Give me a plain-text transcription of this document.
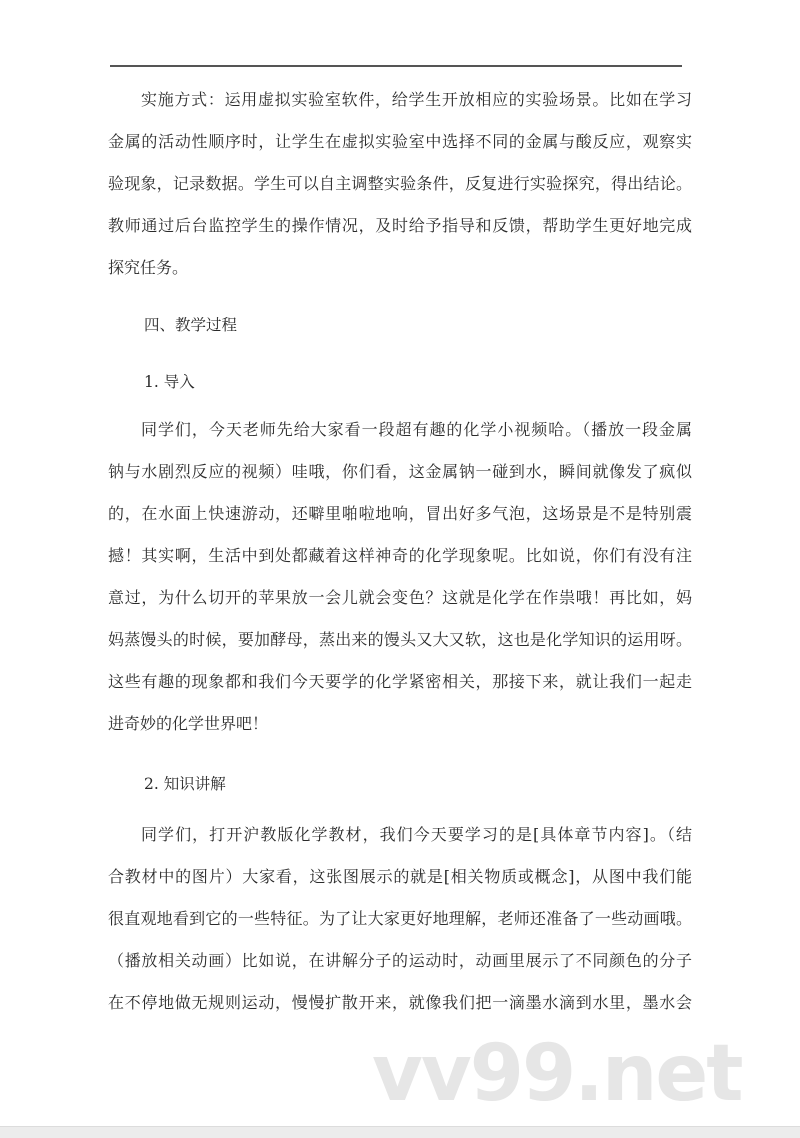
实施方式：运用虚拟实验室软件，给学生开放相应的实验场景。比如在学习
金属的活动性顺序时，让学生在虚拟实验室中选择不同的金属与酸反应，观察实
验现象，记录数据。学生可以自主调整实验条件，反复进行实验探究，得出结论。
教师通过后台监控学生的操作情况，及时给予指导和反馈，帮助学生更好地完成
探究任务。
四、教学过程
1. 导入
同学们，今天老师先给大家看一段超有趣的化学小视频哈。（播放一段金属
钠与水剧烈反应的视频）哇哦，你们看，这金属钠一碰到水，瞬间就像发了疯似
的，在水面上快速游动，还噼里啪啦地响，冒出好多气泡，这场景是不是特别震
撼！其实啊，生活中到处都藏着这样神奇的化学现象呢。比如说，你们有没有注
意过，为什么切开的苹果放一会儿就会变色？这就是化学在作祟哦！再比如，妈
妈蒸馒头的时候，要加酵母，蒸出来的馒头又大又软，这也是化学知识的运用呀。
这些有趣的现象都和我们今天要学的化学紧密相关，那接下来，就让我们一起走
进奇妙的化学世界吧！
2. 知识讲解
同学们，打开沪教版化学教材，我们今天要学习的是[具体章节内容]。（结
合教材中的图片）大家看，这张图展示的就是[相关物质或概念]，从图中我们能
很直观地看到它的一些特征。为了让大家更好地理解，老师还准备了一些动画哦。
（播放相关动画）比如说，在讲解分子的运动时，动画里展示了不同颜色的分子
在不停地做无规则运动，慢慢扩散开来，就像我们把一滴墨水滴到水里，墨水会
vv99.net
